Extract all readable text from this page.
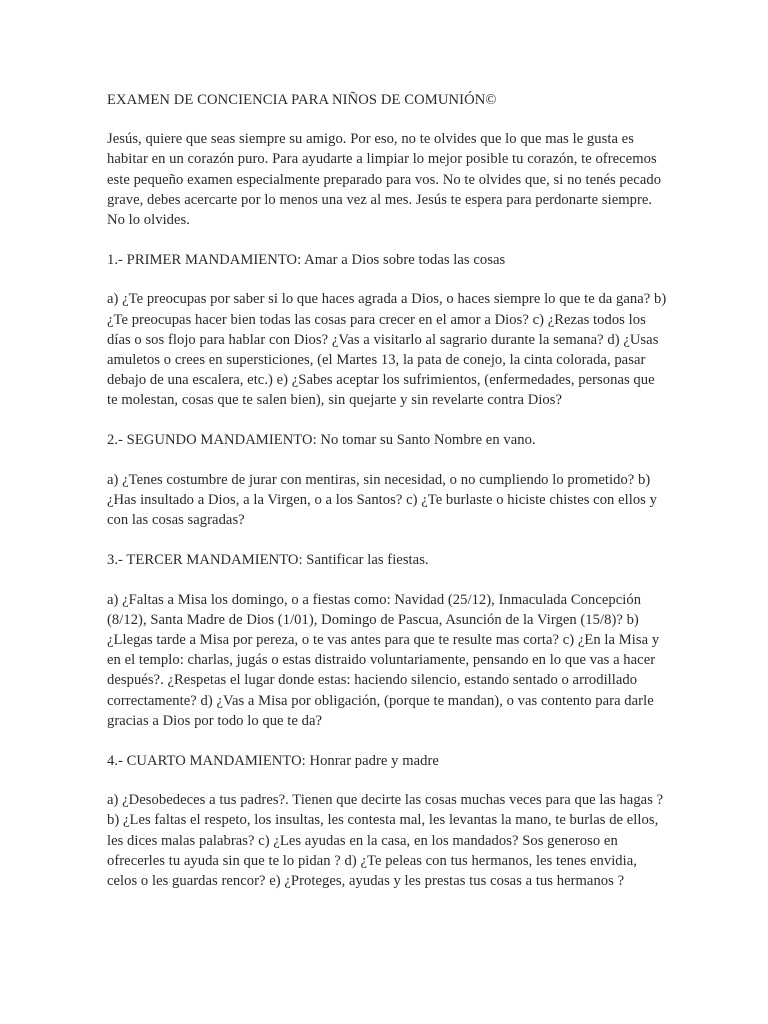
EXAMEN DE CONCIENCIA PARA NIÑOS DE COMUNIÓN©

Jesús, quiere que seas siempre su amigo. Por eso, no te olvides que lo que mas le gusta es habitar en un corazón puro. Para ayudarte a limpiar lo mejor posible tu corazón, te ofrecemos este pequeño examen especialmente preparado para vos. No te olvides que, si no tenés pecado grave, debes acercarte por lo menos una vez al mes. Jesús te espera para perdonarte siempre. No lo olvides.

1.- PRIMER MANDAMIENTO: Amar a Dios sobre todas las cosas

a) ¿Te preocupas por saber si lo que haces agrada a Dios, o haces siempre lo que te da gana? b) ¿Te preocupas hacer bien todas las cosas para crecer en el amor a Dios? c) ¿Rezas todos los días o sos flojo para hablar con Dios? ¿Vas a visitarlo al sagrario durante la semana? d) ¿Usas amuletos o crees en supersticiones, (el Martes 13, la pata de conejo, la cinta colorada, pasar debajo de una escalera, etc.) e) ¿Sabes aceptar los sufrimientos, (enfermedades, personas que te molestan, cosas que te salen bien), sin quejarte y sin revelarte contra Dios?

2.- SEGUNDO MANDAMIENTO: No tomar su Santo Nombre en vano.

a) ¿Tenes costumbre de jurar con mentiras, sin necesidad, o no cumpliendo lo prometido? b) ¿Has insultado a Dios, a la Virgen, o a los Santos? c) ¿Te burlaste o hiciste chistes con ellos y con las cosas sagradas?

3.- TERCER MANDAMIENTO: Santificar las fiestas.

a) ¿Faltas a Misa los domingo, o a fiestas como: Navidad (25/12), Inmaculada Concepción (8/12), Santa Madre de Dios (1/01), Domingo de Pascua, Asunción de la Virgen (15/8)? b) ¿Llegas tarde a Misa por pereza, o te vas antes para que te resulte mas corta? c) ¿En la Misa y en el templo: charlas, jugás o estas distraido voluntariamente, pensando en lo que vas a hacer después?. ¿Respetas el lugar donde estas: haciendo silencio, estando sentado o arrodillado correctamente? d) ¿Vas a Misa por obligación, (porque te mandan), o vas contento para darle gracias a Dios por todo lo que te da?

4.- CUARTO MANDAMIENTO: Honrar padre y madre

a) ¿Desobedeces a tus padres?. Tienen que decirte las cosas muchas veces para que las hagas ? b) ¿Les faltas el respeto, los insultas, les contesta mal, les levantas la mano, te burlas de ellos, les dices malas palabras? c) ¿Les ayudas en la casa, en los mandados? Sos generoso en ofrecerles tu ayuda sin que te lo pidan ? d) ¿Te peleas con tus hermanos, les tenes envidia, celos o les guardas rencor? e) ¿Proteges, ayudas y les prestas tus cosas a tus hermanos ?
